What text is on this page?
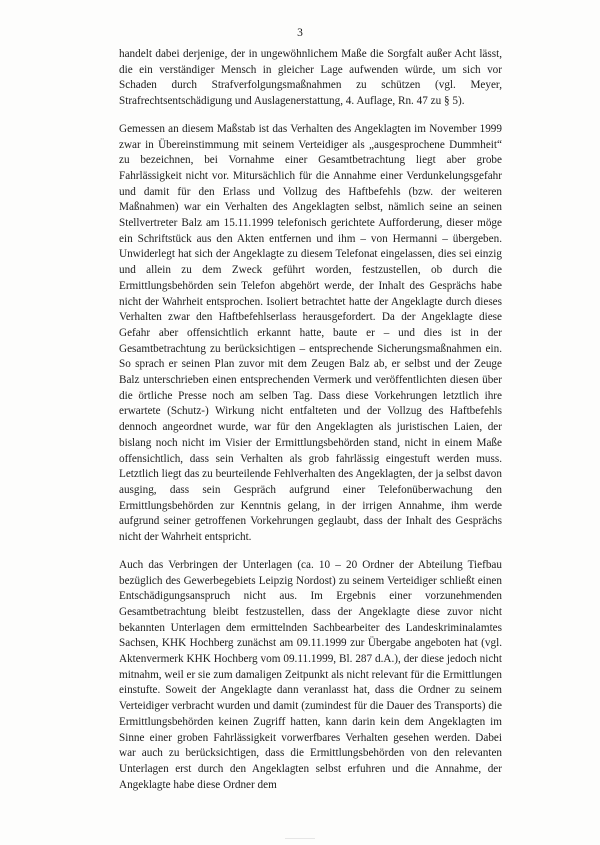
3

handelt dabei derjenige, der in ungewöhnlichem Maße die Sorgfalt außer Acht lässt, die ein verständiger Mensch in gleicher Lage aufwenden würde, um sich vor Schaden durch Strafverfolgungsmaßnahmen zu schützen (vgl. Meyer, Strafrechtsentschädigung und Auslagenerstattung, 4. Auflage, Rn. 47 zu § 5).

Gemessen an diesem Maßstab ist das Verhalten des Angeklagten im November 1999 zwar in Übereinstimmung mit seinem Verteidiger als „ausgesprochene Dummheit“ zu bezeichnen, bei Vornahme einer Gesamtbetrachtung liegt aber grobe Fahrlässigkeit nicht vor. Mitursächlich für die Annahme einer Verdunkelungsgefahr und damit für den Erlass und Vollzug des Haftbefehls (bzw. der weiteren Maßnahmen) war ein Verhalten des Angeklagten selbst, nämlich seine an seinen Stellvertreter Balz am 15.11.1999 telefonisch gerichtete Aufforderung, dieser möge ein Schriftstück aus den Akten entfernen und ihm – von Hermanni – übergeben. Unwiderlegt hat sich der Angeklagte zu diesem Telefonat eingelassen, dies sei einzig und allein zu dem Zweck geführt worden, festzustellen, ob durch die Ermittlungsbehörden sein Telefon abgehört werde, der Inhalt des Gesprächs habe nicht der Wahrheit entsprochen. Isoliert betrachtet hatte der Angeklagte durch dieses Verhalten zwar den Haftbefehlserlass herausgefordert. Da der Angeklagte diese Gefahr aber offensichtlich erkannt hatte, baute er – und dies ist in der Gesamtbetrachtung zu berücksichtigen – entsprechende Sicherungsmaßnahmen ein. So sprach er seinen Plan zuvor mit dem Zeugen Balz ab, er selbst und der Zeuge Balz unterschrieben einen entsprechenden Vermerk und veröffentlichten diesen über die örtliche Presse noch am selben Tag. Dass diese Vorkehrungen letztlich ihre erwartete (Schutz-) Wirkung nicht entfalteten und der Vollzug des Haftbefehls dennoch angeordnet wurde, war für den Angeklagten als juristischen Laien, der bislang noch nicht im Visier der Ermittlungsbehörden stand, nicht in einem Maße offensichtlich, dass sein Verhalten als grob fahrlässig eingestuft werden muss. Letztlich liegt das zu beurteilende Fehlverhalten des Angeklagten, der ja selbst davon ausging, dass sein Gespräch aufgrund einer Telefonüberwachung den Ermittlungsbehörden zur Kenntnis gelang, in der irrigen Annahme, ihm werde aufgrund seiner getroffenen Vorkehrungen geglaubt, dass der Inhalt des Gesprächs nicht der Wahrheit entspricht.

Auch das Verbringen der Unterlagen (ca. 10 – 20 Ordner der Abteilung Tiefbau bezüglich des Gewerbegebiets Leipzig Nordost) zu seinem Verteidiger schließt einen Entschädigungsanspruch nicht aus. Im Ergebnis einer vorzunehmenden Gesamtbetrachtung bleibt festzustellen, dass der Angeklagte diese zuvor nicht bekannten Unterlagen dem ermittelnden Sachbearbeiter des Landeskriminalamtes Sachsen, KHK Hochberg zunächst am 09.11.1999 zur Übergabe angeboten hat (vgl. Aktenvermerk KHK Hochberg vom 09.11.1999, Bl. 287 d.A.), der diese jedoch nicht mitnahm, weil er sie zum damaligen Zeitpunkt als nicht relevant für die Ermittlungen einstufte. Soweit der Angeklagte dann veranlasst hat, dass die Ordner zu seinem Verteidiger verbracht wurden und damit (zumindest für die Dauer des Transports) die Ermittlungsbehörden keinen Zugriff hatten, kann darin kein dem Angeklagten im Sinne einer groben Fahrlässigkeit vorwerfbares Verhalten gesehen werden. Dabei war auch zu berücksichtigen, dass die Ermittlungsbehörden von den relevanten Unterlagen erst durch den Angeklagten selbst erfuhren und die Annahme, der Angeklagte habe diese Ordner dem
